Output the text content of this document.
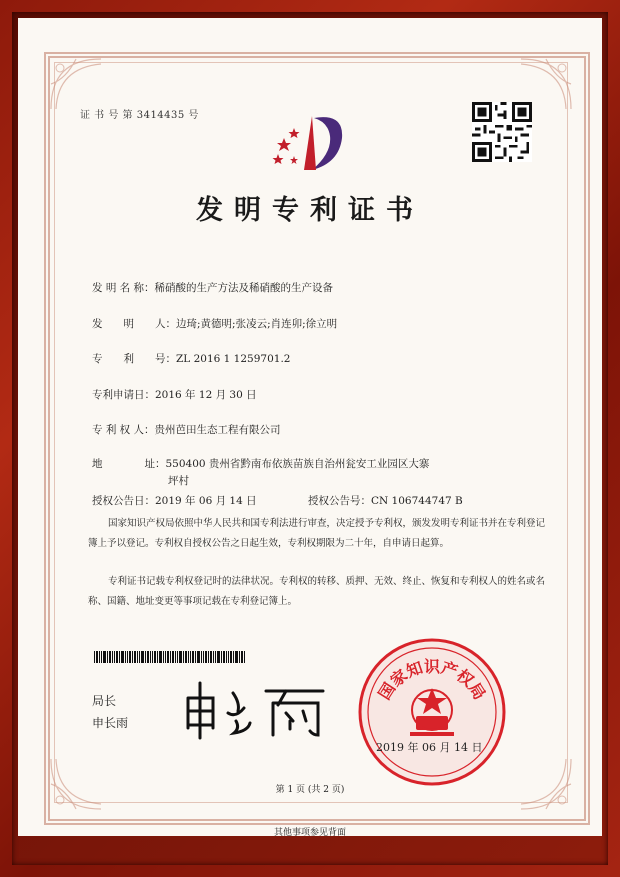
证 书 号 第 3414435 号
发明专利证书
发 明 名 称：稀硝酸的生产方法及稀硝酸的生产设备
发　　明　　人：边琦;黄德明;张凌云;肖连卯;徐立明
专　　利　　号：ZL 2016 1 1259701.2
专利申请日：2016 年 12 月 30 日
专 利 权 人：贵州芭田生态工程有限公司
地　　　　址：550400 贵州省黔南布依族苗族自治州瓮安工业园区大寨
坪村
授权公告日：2019 年 06 月 14 日	授权公告号：CN 106744747 B
国家知识产权局依照中华人民共和国专利法进行审查，决定授予专利权，颁发发明专利证书并在专利登记簿上予以登记。专利权自授权公告之日起生效，专利权期限为二十年，自申请日起算。
专利证书记载专利权登记时的法律状况。专利权的转移、质押、无效、终止、恢复和专利权人的姓名或名称、国籍、地址变更等事项记载在专利登记簿上。
局长
申长雨
国家知识产权局
2019 年 06 月 14 日
第 1 页 (共 2 页)
其他事项参见背面
